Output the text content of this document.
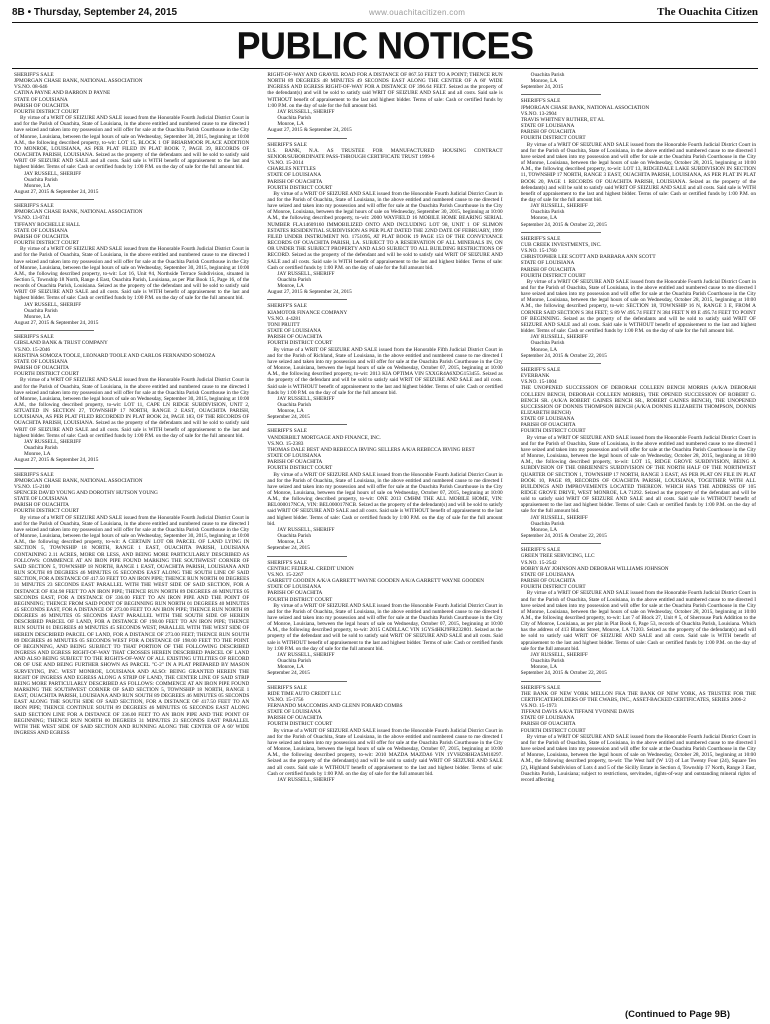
8B • Thursday, September 24, 2015	www.ouachitacitizen.com	The Ouachita Citizen
PUBLIC NOTICES
SHERIFF'S SALE
JPMORGAN CHASE BANK, NATIONAL ASSOCIATION
VS.NO. 08-646
CATINA PAYNE AND BARRON D PAYNE
STATE OF LOUISIANA
PARISH OF OUACHITA
FOURTH DISTRICT COURT
By virtue of a WRIT OF SEIZURE AND SALE issued from the Honorable Fourth Judicial District Court in and for the Parish of Ouachita, State of Louisiana, in the above entitled and numbered cause to me directed I have seized and taken into my possession and will offer for sale at the Ouachita Parish Courthouse in the City of Monroe, Louisiana, between the legal hours of sale on Wednesday, September 30, 2015, beginning at 10:00 A.M., the following described property, to-wit: LOT 15, BLOCK 1 OF BRIARMOOR PLACE ADDITION TO MONROE, LOUISIANA, AS PER PLAT FILED IN PLAT BOOK 7, PAGE 39, RECORDS OF OUACHITA PARISH, LOUISIANA. Seized as the property of the defendants and will be sold to satisfy said WRIT OF SEIZURE AND SALE and all costs. Said sale is WITH benefit of appraisement to the last and highest bidder. Terms of sale: Cash or certified funds by 1:00 P.M. on the day of sale for the full amount bid.
JAY RUSSELL, SHERIFF
Ouachita Parish
Monroe, LA
August 27, 2015 & September 24, 2015
SHERIFF'S SALE
JPMORGAN CHASE BANK, NATIONAL ASSOCIATION
VS.NO. 13-0741
TIFFANY ROCHELLE HALL
STATE OF LOUISIANA
PARISH OF OUACHITA
FOURTH DISTRICT COURT
By virtue of a WRIT OF SEIZURE AND SALE issued from the Honorable Fourth Judicial District Court in and for the Parish of Ouachita, State of Louisiana, in the above entitled and numbered cause to me directed I have seized and taken into my possession and will offer for sale at the Ouachita Parish Courthouse in the City of Monroe, Louisiana, between the legal hours of sale on Wednesday, September 30, 2015, beginning at 10:00 A.M., the following described property, to-wit: Lot 16, Unit #4, Northside Terrace Subdivision, situated in Section 5, Township 18 North, Range 4 East, Ouachita Parish, Louisiana, as per Plat Book 15, Page 16, of the records of Ouachita Parish, Louisiana. Seized as the property of the defendant and will be sold to satisfy said WRIT OF SEIZURE AND SALE and all costs. Said sale is WITH benefit of appraisement to the last and highest bidder. Terms of sale: Cash or certified funds by 1:00 P.M. on the day of sale for the full amount bid.
JAY RUSSELL, SHERIFF
Ouachita Parish
Monroe, LA
August 27, 2015 & September 24, 2015
SHERIFF'S SALE
GIBSLAND BANK & TRUST COMPANY
VS.NO. 15-2046
KRISTINA SOMOZA TOOLE, LEONARD TOOLE AND CARLOS FERNANDO SOMOZA
STATE OF LOUISIANA
PARISH OF OUACHITA
FOURTH DISTRICT COURT
By virtue of a WRIT OF SEIZURE AND SALE issued from the Honorable Fourth Judicial District Court in and for the Parish of Ouachita, State of Louisiana, in the above entitled and numbered cause to me directed I have seized and taken into my possession and will offer for sale at the Ouachita Parish Courthouse in the City of Monroe, Louisiana, between the legal hours of sale on Wednesday, September 30, 2015, beginning at 10:00 A.M., the following described property, to-wit: LOT 11, CAPE LN RIDGE SUBDIVISION, UNIT 2, SITUATED IN SECTION 27, TOWNSHIP 17 NORTH, RANGE 2 EAST, OUACHITA PARISH, LOUISIANA, AS PER PLAT FILED RECORDED IN PLAT BOOK 24, PAGE 183, OF THE RECORDS OF OUACHITA PARISH, LOUISIANA. Seized as the property of the defendants and will be sold to satisfy said WRIT OF SEIZURE AND SALE and all costs. Said sale is WITH benefit of appraisement to the last and highest bidder. Terms of sale: Cash or certified funds by 1:00 P.M. on the day of sale for the full amount bid.
JAY RUSSELL, SHERIFF
Ouachita Parish
Monroe, LA
August 27, 2015 & September 24, 2015
SHERIFF'S SALE
JPMORGAN CHASE BANK, NATIONAL ASSOCIATION
VS.NO. 15-2100
SPENCER DAVID YOUNG AND DOROTHY HUTSON YOUNG
STATE OF LOUISIANA
PARISH OF OUACHITA
FOURTH DISTRICT COURT
By virtue of a WRIT OF SEIZURE AND SALE issued from the Honorable Fourth Judicial District Court in and for the Parish of Ouachita, State of Louisiana, in the above entitled and numbered cause to me directed I have seized and taken into my possession and will offer for sale at the Ouachita Parish Courthouse in the City of Monroe, Louisiana, between the legal hours of sale on Wednesday, September 30, 2015, beginning at 10:00 A.M., the following described property, to-wit: A CERTAIN LOT OR PARCEL OF LAND LYING IN SECTION 5, TOWNSHIP 18 NORTH, RANGE 1 EAST, OUACHITA PARISH, LOUISIANA CONTAINING 2.11 ACRES, MORE OR LESS, AND BEING MORE PARTICULARLY DESCRIBED AS FOLLOWS: COMMENCE AT AN IRON PIPE FOUND MARKING THE SOUTHWEST CORNER OF SAID SECTION 5, TOWNSHIP 18 NORTH, RANGE 1 EAST, OUACHITA PARISH, LOUISIANA AND RUN SOUTH 89 DEGREES 46 MINUTES 05 SECONDS EAST ALONG THE SOUTH LINE OF SAID SECTION, FOR A DISTANCE OF 417.50 FEET TO AN IRON PIPE; THENCE RUN NORTH 00 DEGREES 31 MINUTES 23 SECONDS EAST PARALLEL WITH THE WEST SIDE OF SAID SECTION, FOR A DISTANCE OF 834.98 FEET TO AN IRON PIPE; THENCE RUN NORTH 89 DEGREES 46 MINUTES 05 SECONDS EAST, FOR A DISTANCE OF 336.00 FEET TO AN IRON PIPE AND THE POINT OF BEGINNING; THENCE FROM SAID POINT OF BEGINNING RUN NORTH 01 DEGREES 40 MINUTES 45 SECONDS EAST, FOR A DISTANCE OF 273.00 FEET TO AN IRON PIPE; THENCE RUN NORTH 89 DEGREES 46 MINUTES 05 SECONDS EAST PARALLEL WITH THE SOUTH SIDE OF HEREIN DESCRIBED PARCEL OF LAND, FOR A DISTANCE OF 198.00 FEET TO AN IRON PIPE; THENCE RUN SOUTH 01 DEGREES 40 MINUTES 45 SECONDS WEST, PARALLEL WITH THE WEST SIDE OF HEREIN DESCRIBED PARCEL OF LAND, FOR A DISTANCE OF 273.00 FEET; THENCE RUN SOUTH 89 DEGREES 46 MINUTES 05 SECONDS WEST FOR A DISTANCE OF 198.00 FEET TO THE POINT OF BEGINNING, AND BEING SUBJECT TO THAT PORTION OF THE FOLLOWING DESCRIBED INGRESS AND EGRESS RIGHT-OF-WAY THAT CROSSES HEREIN DESCRIBED PARCEL OF LAND AND ALSO BEING SUBJECT TO THE RIGHTS-OF-WAY OF ALL EXISTING UTILITIES OF RECORD OR OF USE AND BEING FURTHER SHOWN AS PARCEL "C-2" IN A PLAT PREPARED BY MASON SURVEYING, INC. WEST MONROE, LOUISIANA AND ALSO: BEING GRANTED HEREIN THE RIGHT OF INGRESS AND EGRESS ALONG A STRIP OF LAND, THE CENTER LINE OF SAID STRIP BEING MORE PARTICULARLY DESCRIBED AS FOLLOWS: COMMENCE AT AN IRON PIPE FOUND MARKING THE SOUTHWEST CORNER OF SAID SECTION 5, TOWNSHIP 18 NORTH, RANGE 1 EAST, OUACHITA PARISH, LOUISIANA AND RUN SOUTH 89 DEGREES 46 MINUTES 05 SECONDS EAST ALONG THE SOUTH SIDE OF SAID SECTION, FOR A DISTANCE OF 417.50 FEET TO AN IRON PIPE; THENCE CONTINUE SOUTH 89 DEGREES 46 MINUTES 05 SECONDS EAST ALONG SAID SECTION LINE FOR A DISTANCE OF 336.00 FEET TO AN IRON PIPE AND THE POINT OF BEGINNING; THENCE RUN NORTH 00 DEGREES 31 MINUTES 23 SECONDS EAST PARALLEL WITH THE WEST SIDE OF SAID SECTION AND RUNNING ALONG THE CENTER OF A 60' WIDE INGRESS AND EGRESS
RIGHT-OF-WAY AND GRAVEL ROAD FOR A DISTANCE OF 867.50 FEET TO A POINT; THENCE RUN NORTH 89 DEGREES 48 MINUTES 49 SECONDS EAST ALONG THE CENTER OF A 60' WIDE INGRESS AND EGRESS RIGHT-OF-WAY FOR A DISTANCE OF 396.64 FEET. Seized as the property of the defendant(s) and will be sold to satisfy said WRIT OF SEIZURE AND SALE and all costs. Said sale is WITHOUT benefit of appraisement to the last and highest bidder. Terms of sale: Cash or certified funds by 1:00 P.M. on the day of sale for the full amount bid.
JAY RUSSELL, SHERIFF
Ouachita Parish
Monroe, LA
August 27, 2015 & September 24, 2015
SHERIFF'S SALE
U.S. BANK, N.A. AS TRUSTEE FOR MANUFACTURED HOUSING CONTRACT SENIOR/SUBORDINATE PASS-THROUGH CERTIFICATE TRUST 1999-6
VS.NO. 15-2014
CHARLES NETTLES
STATE OF LOUISIANA
PARISH OF OUACHITA
FOURTH DISTRICT COURT
By virtue of a WRIT OF SEIZURE AND SALE issued from the Honorable Fourth Judicial District Court in and for the Parish of Ouachita, State of Louisiana, in the above entitled and numbered cause to me directed I have seized and taken into my possession and will offer for sale at the Ouachita Parish Courthouse in the City of Monroe, Louisiana, between the legal hours of sale on Wednesday, September 30, 2015, beginning at 10:00 A.M., the following described property, to-wit: 2000 WAYFIELD 16 MOBILE HOME BEARING SERIAL NUMBER FLA14609160 IMMOBILIZED ONTO AND INCLUDING LOT 98, UNIT 1 OF SLIMON ESTATES RESIDENTIAL SUBDIVISION AS PER PLAT DATED THE 22ND DATE OF FEBRUARY, 1999 FILED UNDER INSTRUMENT NO. 1751095, AT PLAT BOOK 19 PAGE 153 OF THE CONVEYANCE RECORDS OF OUACHITA PARISH, LA. SUBJECT TO A RESERVATION OF ALL MINERALS IN, ON OR UNDER THE SUBJECT PROPERTY AND ALSO SUBJECT TO ALL BUILDING RESTRICTIONS OF RECORD. Seized as the property of the defendant and will be sold to satisfy said WRIT OF SEIZURE AND SALE and all costs. Said sale is WITH benefit of appraisement to the last and highest bidder. Terms of sale: Cash or certified funds by 1:00 P.M. on the day of sale for the full amount bid.
JAY RUSSELL, SHERIFF
Ouachita Parish
Monroe, LA
August 27, 2015 & September 24, 2015
SHERIFF'S SALE
KIAMOTOR FINANCE COMPANY
VS.NO. 4-4281
TONI PRUITT
STATE OF LOUISIANA
PARISH OF OUACHITA
FOURTH DISTRICT COURT
By virtue of a WRIT OF SEIZURE AND SALE issued from the Honorable Fifth Judicial District Court in and for the Parish of Richland, State of Louisiana, in the above entitled and numbered cause to me directed I have seized and taken into my possession and will offer for sale at the Ouachita Parish Courthouse in the City of Monroe, Louisiana, between the legal hours of sale on Wednesday, October 07, 2015, beginning at 10:00 A.M., the following described property, to-wit: 2013 KIA OPTIMA VIN 5XXGR4A6XDG153455. Seized as the property of the defendant and will be sold to satisfy said WRIT OF SEIZURE AND SALE and all costs. Said sale is WITHOUT benefit of appraisement to the last and highest bidder. Terms of sale: Cash or certified funds by 1:00 P.M. on the day of sale for the full amount bid.
JAY RUSSELL, SHERIFF
Ouachita Parish
Monroe, LA
September 24, 2015
SHERIFF'S SALE
VANDERBILT MORTGAGE AND FINANCE, INC.
VS.NO. 15-2383
THOMAS DALE BEST AND REBECCA IRVING SELLERS A/K/A REBECCA IRVING BEST
STATE OF LOUISIANA
PARISH OF OUACHITA
FOURTH DISTRICT COURT
By virtue of a WRIT OF SEIZURE AND SALE issued from the Honorable Fourth Judicial District Court in and for the Parish of Ouachita, State of Louisiana, in the above entitled and numbered cause to me directed I have seized and taken into my possession and will offer for sale at the Ouachita Parish Courthouse in the City of Monroe, Louisiana, between the legal hours of sale on Wednesday, October 07, 2015, beginning at 10:00 A.M., the following described property, to-wit: ONE 2013 CMHM THE ALL MOBILE HOME, VIN: BEL000017NCA, VIN: BEL000017NCB. Seized as the property of the defendant(s) and will be sold to satisfy said WRIT OF SEIZURE AND SALE and all costs. Said sale is WITHOUT benefit of appraisement to the last and highest bidder. Terms of sale: Cash or certified funds by 1:00 P.M. on the day of sale for the full amount bid.
JAY RUSSELL, SHERIFF
Ouachita Parish
Monroe, LA
September 24, 2015
SHERIFF'S SALE
CENTRIC FEDERAL CREDIT UNION
VS.NO. 15-2267
GARRETT GOODEN A/K/A GARRETT WAYNE GOODEN A/K/A GARRETT WAYNE GOODEN
STATE OF LOUISIANA
PARISH OF OUACHITA
FOURTH DISTRICT COURT
By virtue of a WRIT OF SEIZURE AND SALE issued from the Honorable Fourth Judicial District Court in and for the Parish of Ouachita, State of Louisiana, in the above entitled and numbered cause to me directed I have seized and taken into my possession and will offer for sale at the Ouachita Parish Courthouse in the City of Monroe, Louisiana, between the legal hours of sale on Wednesday, October 07, 2015, beginning at 10:00 A.M., the following described property, to-wit: 2015 CADILLAC VIN 1GYS4HKJ9FR232801. Seized as the property of the defendant and will be sold to satisfy said WRIT OF SEIZURE AND SALE and all costs. Said sale is WITHOUT benefit of appraisement to the last and highest bidder. Terms of sale: Cash or certified funds by 1:00 P.M. on the day of sale for the full amount bid.
JAY RUSSELL, SHERIFF
Ouachita Parish
Monroe, LA
September 24, 2015
SHERIFF'S SALE
RIDE TIME AUTO CREDIT LLC
VS.NO. 15-1756
FERNANDO MACCOMBS AND GLENN FORARD COMBS
STATE OF LOUISIANA
PARISH OF OUACHITA
FOURTH DISTRICT COURT
By virtue of a WRIT OF SEIZURE AND SALE issued from the Honorable Fourth Judicial District Court in and for the Parish of Ouachita, State of Louisiana, in the above entitled and numbered cause to me directed I have seized and taken into my possession and will offer for sale at the Ouachita Parish Courthouse in the City of Monroe, Louisiana, between the legal hours of sale on Wednesday, October 07, 2015, beginning at 10:00 A.M., the following described property, to-wit: 2010 MAZDA MAZDA6 VIN 1YVHZ8BH2A5M10297. Seized as the property of the defendant(s) and will be sold to satisfy said WRIT OF SEIZURE AND SALE and all costs. Said sale is WITHOUT benefit of appraisement to the last and highest bidder. Terms of sale: Cash or certified funds by 1:00 P.M. on the day of sale for the full amount bid.
JAY RUSSELL, SHERIFF
Ouachita Parish
Monroe, LA
September 24, 2015
SHERIFF'S SALE
JPMORGAN CHASE BANK, NATIONAL ASSOCIATION
VS.NO. 13-2904
TRAVIS WHITNEY RUTHER, ET AL
STATE OF LOUISIANA
PARISH OF OUACHITA
FOURTH DISTRICT COURT
By virtue of a WRIT OF SEIZURE AND SALE issued from the Honorable Fourth Judicial District Court in and for the Parish of Ouachita, State of Louisiana, in the above entitled and numbered cause to me directed I have seized and taken into my possession and will offer for sale at the Ouachita Parish Courthouse in the City of Monroe, Louisiana, between the legal hours of sale on Wednesday, October 28, 2015, beginning at 10:00 A.M., the following described property, to-wit: LOT 13, RIDGEDALE LAKE SUBDIVISION IN SECTION 11, TOWNSHIP 17 NORTH, RANGE 3 EAST, OUACHITA PARISH, LOUISIANA, AS PER PLAT IN PLAT BOOK 20, PAGE 1 RECORDS OF OUACHITA PARISH, LOUISIANA. Seized as the property of the defendant(s) and will be sold to satisfy said WRIT OF SEIZURE AND SALE and all costs. Said sale is WITH benefit of appraisement to the last and highest bidder. Terms of sale: Cash or certified funds by 1:00 P.M. on the day of sale for the full amount bid.
JAY RUSSELL, SHERIFF
Ouachita Parish
Monroe, LA
September 24, 2015 & October 22, 2015
SHERIFF'S SALE
CUB CREEK INVESTMENTS, INC.
VS.NO. 15-1760
CHRISTOPHER LEE SCOTT AND BARBARA ANN SCOTT
STATE OF LOUISIANA
PARISH OF OUACHITA
FOURTH DISTRICT COURT
By virtue of a WRIT OF SEIZURE AND SALE issued from the Honorable Fourth Judicial District Court in and for the Parish of Ouachita, State of Louisiana, in the above entitled and numbered cause to me directed I have seized and taken into my possession and will offer for sale at the Ouachita Parish Courthouse in the City of Monroe, Louisiana, between the legal hours of sale on Wednesday, October 28, 2015, beginning at 10:00 A.M., the following described property, to-wit: SECTION 18, TOWNSHIP 16 N, RANGE 3 E, FROM A CORNER SAID SECTION S 384 FEET; S 89 W 495.74 FEET N 384 FEET N 89 E 495.74 FEET TO POINT OF BEGINNING. Seized as the property of the defendants and will be sold to satisfy said WRIT OF SEIZURE AND SALE and all costs. Said sale is WITHOUT benefit of appraisement to the last and highest bidder. Terms of sale: Cash or certified funds by 1:00 P.M. on the day of sale for the full amount bid.
JAY RUSSELL, SHERIFF
Ouachita Parish
Monroe, LA
September 24, 2015 & October 22, 2015
SHERIFF'S SALE
EVERBANK
VS.NO. 15-1004
THE UNOPENED SUCCESSION OF DEBORAH COLLEEN BENCH MORRIS (A/K/A DEBORAH COLLEEN BENCH, DEBORAH COLLEEN MORRIS), THE OPENED SUCCESSION OF ROBERT G. BENCH SR. (A/K/A ROBERT GAINES BENCH SR., ROBERT GAINES BENCH), THE UNOPENED SUCCESSION OF DONNIS THOMPSON BENCH (A/K/A DONNIS ELIZABETH THOMPSON, DONNIS ELIZABETH BENCH)
STATE OF LOUISIANA
PARISH OF OUACHITA
FOURTH DISTRICT COURT
By virtue of a WRIT OF SEIZURE AND SALE issued from the Honorable Fourth Judicial District Court in and for the Parish of Ouachita, State of Louisiana, in the above entitled and numbered cause to me directed I have seized and taken into my possession and will offer for sale at the Ouachita Parish Courthouse in the City of Monroe, Louisiana, between the legal hours of sale on Wednesday, October 28, 2015, beginning at 10:00 A.M., the following described property, to-wit: LOT 15, RIDGE GROVE SUBDIVISION, BEING A SUBDIVISION OF THE OBRIENNE'S SUBDIVISION OF THE NORTH HALF OF THE NORTHWEST QUARTER OF SECTION 1, TOWNSHIP 17 NORTH, RANGE 3 EAST, AS PER PLAT ON FILE IN PLAT BOOK 10, PAGE 89, RECORDS OF OUACHITA PARISH, LOUISIANA, TOGETHER WITH ALL BUILDINGS AND IMPROVEMENTS LOCATED THEREON. WHICH HAS THE ADDRESS OF 105 RIDGE GROVE DRIVE, WEST MONROE, LA 71292. Seized as the property of the defendant and will be sold to satisfy said WRIT OF SEIZURE AND SALE and all costs. Said sale is WITHOUT benefit of appraisement to the last and highest bidder. Terms of sale: Cash or certified funds by 1:00 P.M. on the day of sale for the full amount bid.
JAY RUSSELL, SHERIFF
Ouachita Parish
Monroe, LA
September 24, 2015 & October 22, 2015
SHERIFF'S SALE
GREEN TREE SERVICING, LLC
VS.NO. 15-2542
BOBBY RAY JOHNSON AND DEBORAH WILLIAMS JOHNSON
STATE OF LOUISIANA
PARISH OF OUACHITA
FOURTH DISTRICT COURT
By virtue of a WRIT OF SEIZURE AND SALE issued from the Honorable Fourth Judicial District Court in and for the Parish of Ouachita, State of Louisiana, in the above entitled and numbered cause to me directed I have seized and taken into my possession and will offer for sale at the Ouachita Parish Courthouse in the City of Monroe, Louisiana, between the legal hours of sale on Wednesday, October 28, 2015, beginning at 10:00 A.M., the following described property, to-wit: Lot 7 of Block 27, Unit # 5, of Sherrouse Park Addition to the City of Monroe, Louisiana, as per plat in Plat Book 6, Page 53, records of Ouachita Parish, Louisiana. Which has the address of 413 Blanks Street, Monroe, LA 71203. Seized as the property of the defendant(s) and will be sold to satisfy said WRIT OF SEIZURE AND SALE and all costs. Said sale is WITH benefit of appraisement to the last and highest bidder. Terms of sale: Cash or certified funds by 1:00 P.M. on the day of sale for the full amount bid.
JAY RUSSELL, SHERIFF
Ouachita Parish
Monroe, LA
September 24, 2015 & October 22, 2015
SHERIFF'S SALE
THE BANK OF NEW YORK MELLON FKA THE BANK OF NEW YORK, AS TRUSTEE FOR THE CERTIFICATEHOLDERS OF THE CWABS, INC., ASSET-BACKED CERTIFICATES, SERIES 2006-2
VS.NO. 15-1973
TIFFANI DAVIS A/K/A TIFFANI YVONNE DAVIS
STATE OF LOUISIANA
PARISH OF OUACHITA
FOURTH DISTRICT COURT
By virtue of a WRIT OF SEIZURE AND SALE issued from the Honorable Fourth Judicial District Court in and for the Parish of Ouachita, State of Louisiana, in the above entitled and numbered cause to me directed I have seized and taken into my possession and will offer for sale at the Ouachita Parish Courthouse in the City of Monroe, Louisiana, between the legal hours of sale on Wednesday, October 28, 2015, beginning at 10:00 A.M., the following described property, to-wit: The West half (W 1/2) of Lot Twenty Four (24), Square Ten (2), Highland Subdivision of Lots 4 and 5 of the Sicilly Estate in Section 4, Township 17 North, Range 3 East, Ouachita Parish, Louisiana; subject to restrictions, servitudes, rights-of-way and outstanding mineral rights of record affecting
(Continued to Page 9B)
